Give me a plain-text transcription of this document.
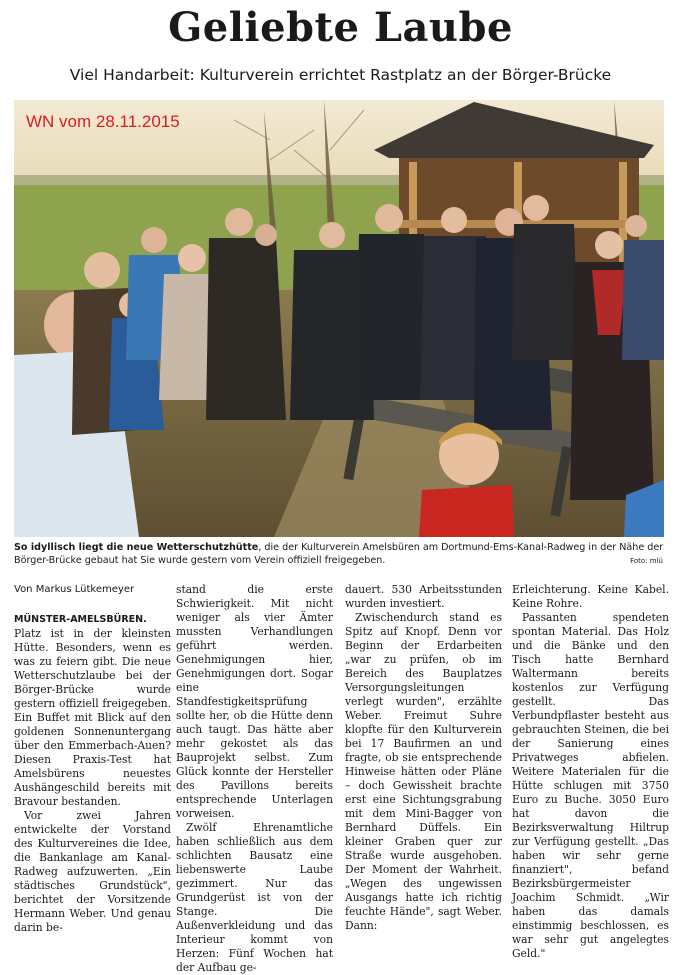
Geliebte Laube
Viel Handarbeit: Kulturverein errichtet Rastplatz an der Börger-Brücke
WN vom 28.11.2015
So idyllisch liegt die neue Wetterschutzhütte, die der Kulturverein Amelsbüren am Dortmund-Ems-Kanal-Radweg in der Nähe der Börger-Brücke gebaut hat Sie wurde gestern vom Verein offiziell freigegeben.	Foto: mlü
Von Markus Lütkemeyer

MÜNSTER-AMELSBÜREN. Platz ist in der kleinsten Hütte. Besonders, wenn es was zu feiern gibt. Die neue Wetterschutzlaube bei der Börger-Brücke wurde gestern offiziell freigegeben. Ein Buffet mit Blick auf den goldenen Sonnenuntergang über den Emmerbach-Auen? Diesen Praxis-Test hat Amelsbürens neuestes Aushängeschild bereits mit Bravour bestanden.

Vor zwei Jahren entwickelte der Vorstand des Kulturvereines die Idee, die Bankanlage am Kanal-Radweg aufzuwerten. „Ein städtisches Grundstück", berichtet der Vorsitzende Hermann Weber. Und genau darin be-

stand die erste Schwierigkeit. Mit nicht weniger als vier Ämter mussten Verhandlungen geführt werden. Genehmigungen hier, Genehmigungen dort. Sogar eine Standfestigkeitsprüfung sollte her, ob die Hütte denn auch taugt. Das hätte aber mehr gekostet als das Bauprojekt selbst. Zum Glück konnte der Hersteller des Pavillons bereits entsprechende Unterlagen vorweisen.

Zwölf Ehrenamtliche haben schließlich aus dem schlichten Bausatz eine liebenswerte Laube gezimmert. Nur das Grundgerüst ist von der Stange. Die Außenverkleidung und das Interieur kommt von Herzen: Fünf Wochen hat der Aufbau ge-

dauert. 530 Arbeitsstunden wurden investiert.

Zwischendurch stand es Spitz auf Knopf. Denn vor Beginn der Erdarbeiten „war zu prüfen, ob im Bereich des Bauplatzes Versorgungsleitungen verlegt wurden", erzählte Weber. Freimut Suhre klopfte für den Kulturverein bei 17 Baufirmen an und fragte, ob sie entsprechende Hinweise hätten oder Pläne – doch Gewissheit brachte erst eine Sichtungsgrabung mit dem Mini-Bagger von Bernhard Düffels. Ein kleiner Graben quer zur Straße wurde ausgehoben. Der Moment der Wahrheit. „Wegen des ungewissen Ausgangs hatte ich richtig feuchte Hände", sagt Weber. Dann:

Erleichterung. Keine Kabel. Keine Rohre.

Passanten spendeten spontan Material. Das Holz und die Bänke und den Tisch hatte Bernhard Waltermann bereits kostenlos zur Verfügung gestellt. Das Verbundpflaster besteht aus gebrauchten Steinen, die bei der Sanierung eines Privatweges abfielen. Weitere Materialen für die Hütte schlugen mit 3750 Euro zu Buche. 3050 Euro hat davon die Bezirksverwaltung Hiltrup zur Verfügung gestellt. „Das haben wir sehr gerne finanziert", befand Bezirksbürgermeister Joachim Schmidt. „Wir haben das damals einstimmig beschlossen, es war sehr gut angelegtes Geld."
